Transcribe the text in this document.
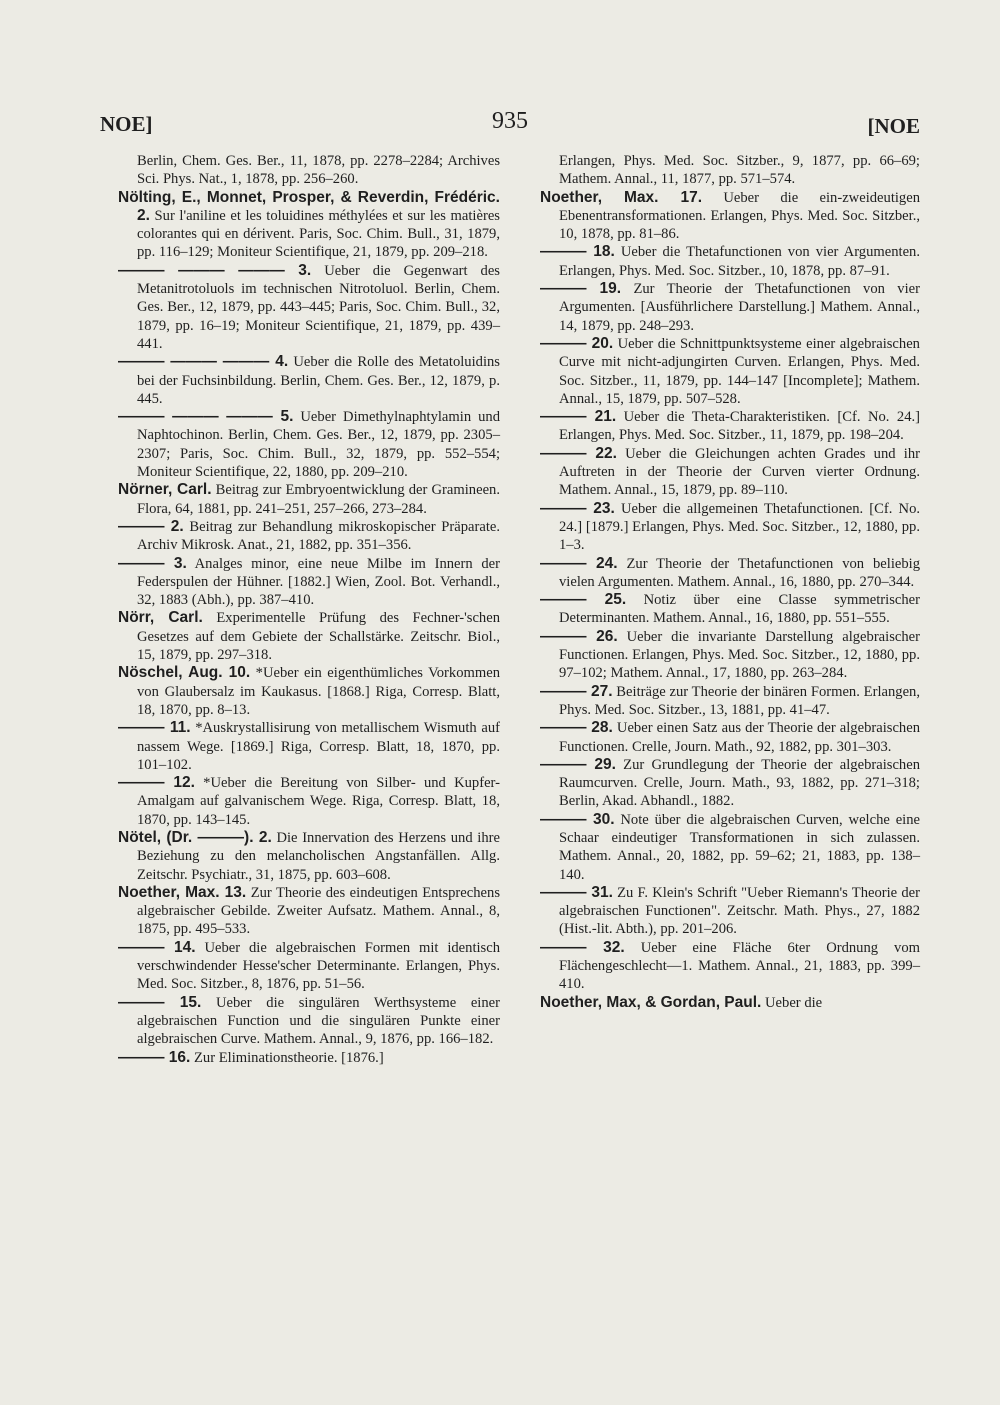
NOE]	935	[NOE
Berlin, Chem. Ges. Ber., 11, 1878, pp. 2278–2284; Archives Sci. Phys. Nat., 1, 1878, pp. 256–260.
Nölting, E., Monnet, Prosper, & Reverdin, Frédéric. 2. Sur l'aniline et les toluidines méthylées et sur les matières colorantes qui en dérivent. Paris, Soc. Chim. Bull., 31, 1879, pp. 116–129; Moniteur Scientifique, 21, 1879, pp. 209–218.
——— ——— ——— 3. Ueber die Gegenwart des Metanitrotoluols im technischen Nitrotoluol. Berlin, Chem. Ges. Ber., 12, 1879, pp. 443–445; Paris, Soc. Chim. Bull., 32, 1879, pp. 16–19; Moniteur Scientifique, 21, 1879, pp. 439–441.
——— ——— ——— 4. Ueber die Rolle des Metatoluidins bei der Fuchsinbildung. Berlin, Chem. Ges. Ber., 12, 1879, p. 445.
——— ——— ——— 5. Ueber Dimethylnaphtylamin und Naphtochinon. Berlin, Chem. Ges. Ber., 12, 1879, pp. 2305–2307; Paris, Soc. Chim. Bull., 32, 1879, pp. 552–554; Moniteur Scientifique, 22, 1880, pp. 209–210.
Nörner, Carl. Beitrag zur Embryoentwicklung der Gramineen. Flora, 64, 1881, pp. 241–251, 257–266, 273–284.
——— 2. Beitrag zur Behandlung mikroskopischer Präparate. Archiv Mikrosk. Anat., 21, 1882, pp. 351–356.
——— 3. Analges minor, eine neue Milbe im Innern der Federspulen der Hühner. [1882.] Wien, Zool. Bot. Verhandl., 32, 1883 (Abh.), pp. 387–410.
Nörr, Carl. Experimentelle Prüfung des Fechner-'schen Gesetzes auf dem Gebiete der Schallstärke. Zeitschr. Biol., 15, 1879, pp. 297–318.
Nöschel, Aug. 10. *Ueber ein eigenthümliches Vorkommen von Glaubersalz im Kaukasus. [1868.] Riga, Corresp. Blatt, 18, 1870, pp. 8–13.
——— 11. *Auskrystallisirung von metallischem Wismuth auf nassem Wege. [1869.] Riga, Corresp. Blatt, 18, 1870, pp. 101–102.
——— 12. *Ueber die Bereitung von Silber- und Kupfer-Amalgam auf galvanischem Wege. Riga, Corresp. Blatt, 18, 1870, pp. 143–145.
Nötel, (Dr. ———). 2. Die Innervation des Herzens und ihre Beziehung zu den melancholischen Angstanfällen. Allg. Zeitschr. Psychiatr., 31, 1875, pp. 603–608.
Noether, Max. 13. Zur Theorie des eindeutigen Entsprechens algebraischer Gebilde. Zweiter Aufsatz. Mathem. Annal., 8, 1875, pp. 495–533.
——— 14. Ueber die algebraischen Formen mit identisch verschwindender Hesse'scher Determinante. Erlangen, Phys. Med. Soc. Sitzber., 8, 1876, pp. 51–56.
——— 15. Ueber die singulären Werthsysteme einer algebraischen Function und die singulären Punkte einer algebraischen Curve. Mathem. Annal., 9, 1876, pp. 166–182.
——— 16. Zur Eliminationstheorie. [1876.]
Erlangen, Phys. Med. Soc. Sitzber., 9, 1877, pp. 66–69; Mathem. Annal., 11, 1877, pp. 571–574.
Noether, Max. 17. Ueber die ein-zweideutigen Ebenentransformationen. Erlangen, Phys. Med. Soc. Sitzber., 10, 1878, pp. 81–86.
——— 18. Ueber die Thetafunctionen von vier Argumenten. Erlangen, Phys. Med. Soc. Sitzber., 10, 1878, pp. 87–91.
——— 19. Zur Theorie der Thetafunctionen von vier Argumenten. [Ausführlichere Darstellung.] Mathem. Annal., 14, 1879, pp. 248–293.
——— 20. Ueber die Schnittpunktsysteme einer algebraischen Curve mit nicht-adjungirten Curven. Erlangen, Phys. Med. Soc. Sitzber., 11, 1879, pp. 144–147 [Incomplete]; Mathem. Annal., 15, 1879, pp. 507–528.
——— 21. Ueber die Theta-Charakteristiken. [Cf. No. 24.] Erlangen, Phys. Med. Soc. Sitzber., 11, 1879, pp. 198–204.
——— 22. Ueber die Gleichungen achten Grades und ihr Auftreten in der Theorie der Curven vierter Ordnung. Mathem. Annal., 15, 1879, pp. 89–110.
——— 23. Ueber die allgemeinen Thetafunctionen. [Cf. No. 24.] [1879.] Erlangen, Phys. Med. Soc. Sitzber., 12, 1880, pp. 1–3.
——— 24. Zur Theorie der Thetafunctionen von beliebig vielen Argumenten. Mathem. Annal., 16, 1880, pp. 270–344.
——— 25. Notiz über eine Classe symmetrischer Determinanten. Mathem. Annal., 16, 1880, pp. 551–555.
——— 26. Ueber die invariante Darstellung algebraischer Functionen. Erlangen, Phys. Med. Soc. Sitzber., 12, 1880, pp. 97–102; Mathem. Annal., 17, 1880, pp. 263–284.
——— 27. Beiträge zur Theorie der binären Formen. Erlangen, Phys. Med. Soc. Sitzber., 13, 1881, pp. 41–47.
——— 28. Ueber einen Satz aus der Theorie der algebraischen Functionen. Crelle, Journ. Math., 92, 1882, pp. 301–303.
——— 29. Zur Grundlegung der Theorie der algebraischen Raumcurven. Crelle, Journ. Math., 93, 1882, pp. 271–318; Berlin, Akad. Abhandl., 1882.
——— 30. Note über die algebraischen Curven, welche eine Schaar eindeutiger Transformationen in sich zulassen. Mathem. Annal., 20, 1882, pp. 59–62; 21, 1883, pp. 138–140.
——— 31. Zu F. Klein's Schrift "Ueber Riemann's Theorie der algebraischen Functionen". Zeitschr. Math. Phys., 27, 1882 (Hist.-lit. Abth.), pp. 201–206.
——— 32. Ueber eine Fläche 6ter Ordnung vom Flächengeschlecht—1. Mathem. Annal., 21, 1883, pp. 399–410.
Noether, Max, & Gordan, Paul. Ueber die
